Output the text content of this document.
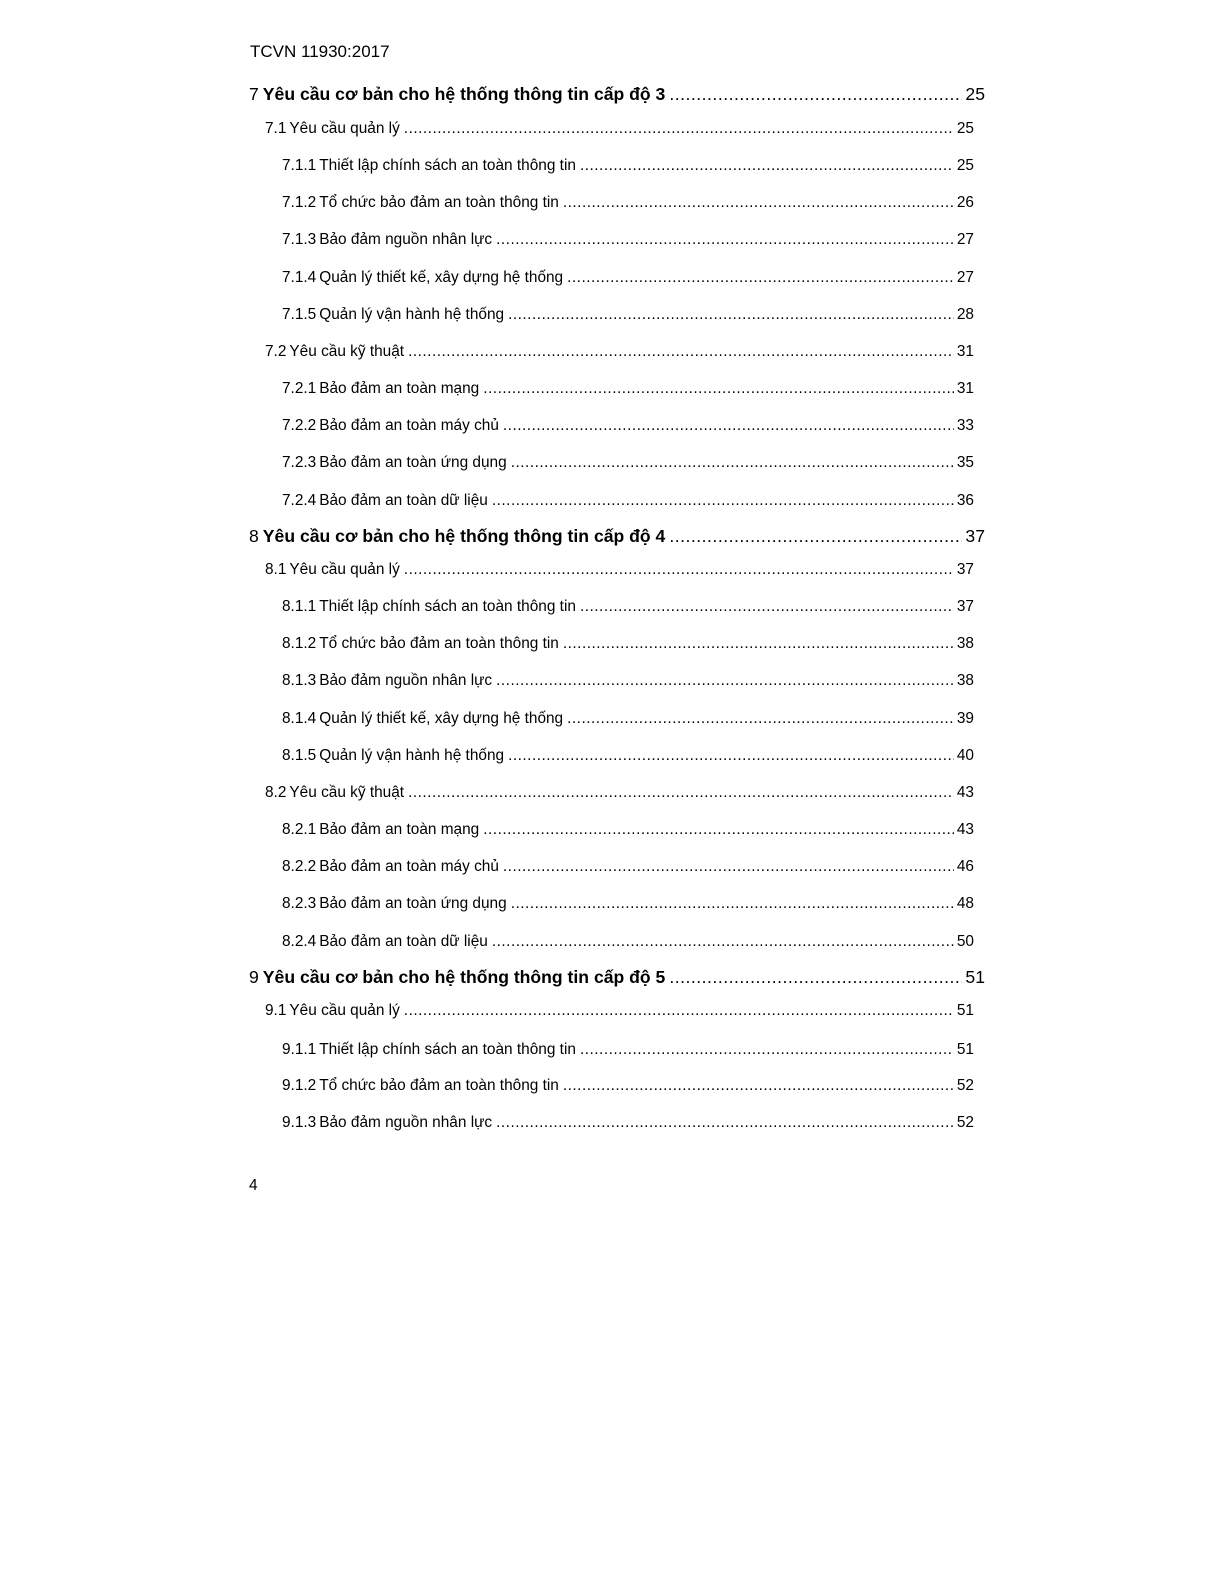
TCVN 11930:2017
7 Yêu cầu cơ bản cho hệ thống thông tin cấp độ 3 .....	25
7.1 Yêu cầu quản lý .....	25
7.1.1 Thiết lập chính sách an toàn thông tin .....	25
7.1.2 Tổ chức bảo đảm an toàn thông tin .....	26
7.1.3 Bảo đảm nguồn nhân lực .....	27
7.1.4 Quản lý thiết kế, xây dựng hệ thống .....	27
7.1.5 Quản lý vận hành hệ thống .....	28
7.2 Yêu cầu kỹ thuật .....	31
7.2.1 Bảo đảm an toàn mạng .....	31
7.2.2 Bảo đảm an toàn máy chủ .....	33
7.2.3 Bảo đảm an toàn ứng dụng .....	35
7.2.4 Bảo đảm an toàn dữ liệu .....	36
8 Yêu cầu cơ bản cho hệ thống thông tin cấp độ 4 .....	37
8.1 Yêu cầu quản lý .....	37
8.1.1 Thiết lập chính sách an toàn thông tin .....	37
8.1.2 Tổ chức bảo đảm an toàn thông tin .....	38
8.1.3 Bảo đảm nguồn nhân lực .....	38
8.1.4 Quản lý thiết kế, xây dựng hệ thống .....	39
8.1.5 Quản lý vận hành hệ thống .....	40
8.2 Yêu cầu kỹ thuật .....	43
8.2.1 Bảo đảm an toàn mạng .....	43
8.2.2 Bảo đảm an toàn máy chủ .....	46
8.2.3 Bảo đảm an toàn ứng dụng .....	48
8.2.4 Bảo đảm an toàn dữ liệu .....	50
9 Yêu cầu cơ bản cho hệ thống thông tin cấp độ 5 .....	51
9.1 Yêu cầu quản lý .....	51
9.1.1 Thiết lập chính sách an toàn thông tin .....	51
9.1.2 Tổ chức bảo đảm an toàn thông tin .....	52
9.1.3 Bảo đảm nguồn nhân lực .....	52
4
